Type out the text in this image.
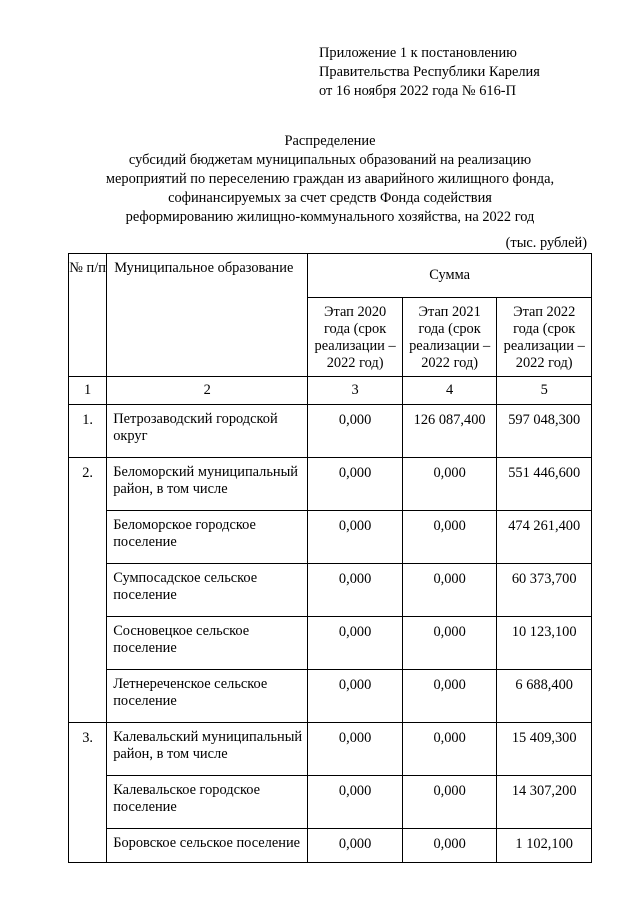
Приложение 1 к постановлению
Правительства Республики Карелия
от 16 ноября 2022 года № 616-П
Распределение
субсидий бюджетам муниципальных образований на реализацию
мероприятий по переселению граждан из аварийного жилищного фонда,
софинансируемых за счет средств Фонда содействия
реформированию жилищно-коммунального хозяйства, на 2022 год
(тыс. рублей)
№ п/п	Муниципальное образование	Сумма		
		Этап 2020 года (срок реализации – 2022 год)	Этап 2021 года (срок реализации – 2022 год)	Этап 2022 года (срок реализации – 2022 год)
1	2	3	4	5
1.	Петрозаводский городской округ	0,000	126 087,400	597 048,300
2.	Беломорский муниципальный район, в том числе	0,000	0,000	551 446,600
	Беломорское городское поселение	0,000	0,000	474 261,400
	Сумпосадское сельское поселение	0,000	0,000	60 373,700
	Сосновецкое сельское поселение	0,000	0,000	10 123,100
	Летнереченское сельское поселение	0,000	0,000	6 688,400
3.	Калевальский муниципальный район, в том числе	0,000	0,000	15 409,300
	Калевальское городское поселение	0,000	0,000	14 307,200
	Боровское сельское поселение	0,000	0,000	1 102,100
